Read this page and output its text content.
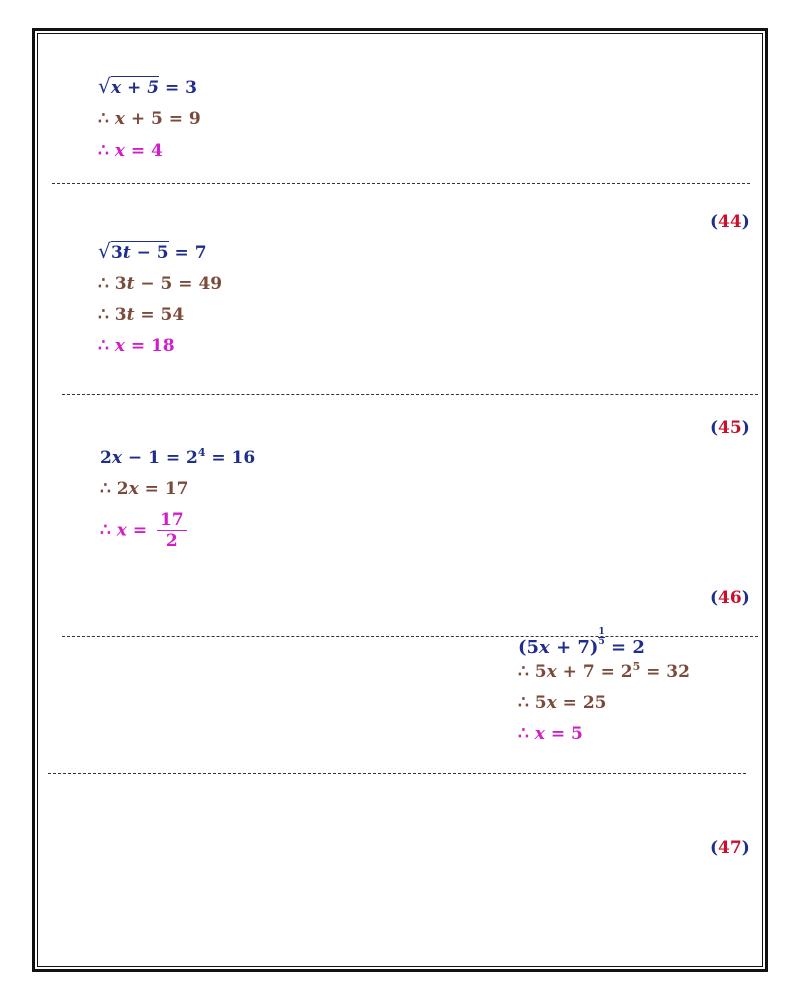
√ x + 5 = 3
∴ x + 5 = 9
∴ x = 4
(44)
√ 3t − 5 = 7
∴ 3t − 5 = 49
∴ 3t = 54
∴ x = 18
(45)
$2x - 1 = 2^4 = 16$
∴ 2x = 17
∴ $x = \frac{17}{2}$
(46)
$(5x + 7) \frac{1}{5} = 2$
∴ $5x + 7 = 2^5 = 32$
∴ 5x = 25
∴ x = 5
(47)
